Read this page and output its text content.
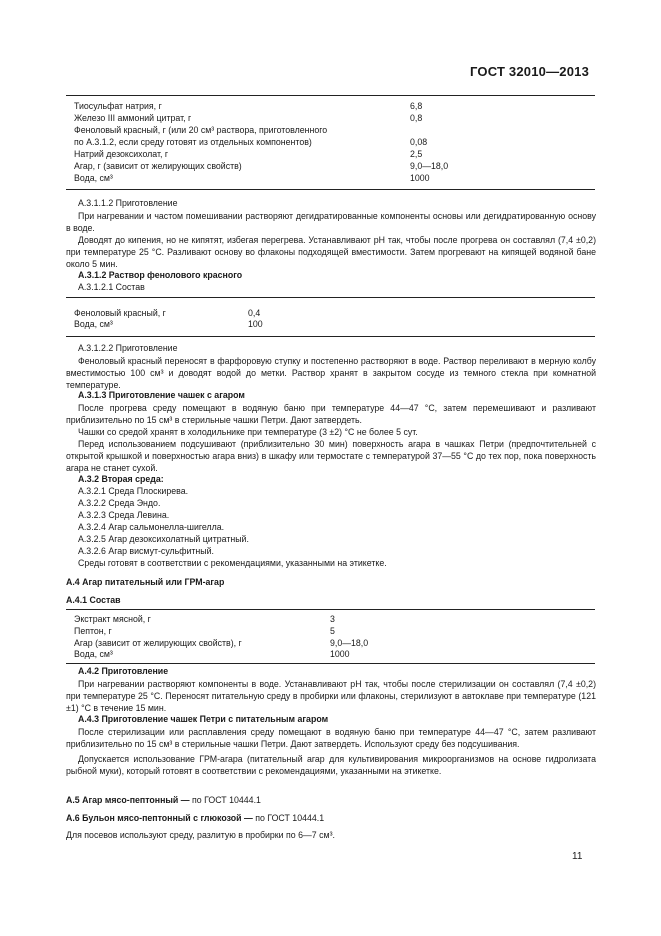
ГОСТ 32010—2013
Тиосульфат натрия, г	6,8
Железо III аммоний цитрат, г	0,8
Феноловый красный, г (или 20 см³ раствора, приготовленного
по А.3.1.2, если среду готовят из отдельных компонентов)	0,08
Натрий дезоксихолат, г	2,5
Агар, г (зависит от желирующих свойств)	9,0—18,0
Вода, см³	1000
А.3.1.1.2 Приготовление
При нагревании и частом помешивании растворяют дегидратированные компоненты основы или дегидратированную основу в воде.
Доводят до кипения, но не кипятят, избегая перегрева. Устанавливают рН так, чтобы после прогрева он составлял (7,4 ±0,2) при температуре 25 °С. Разливают основу во флаконы подходящей вместимости. Затем прогревают на кипящей водяной бане около 5 мин.
А.3.1.2 Раствор фенолового красного
А.3.1.2.1 Состав
Феноловый красный, г	0,4
Вода, см³	100
А.3.1.2.2 Приготовление
Феноловый красный переносят в фарфоровую ступку и постепенно растворяют в воде. Раствор переливают в мерную колбу вместимостью 100 см³ и доводят водой до метки. Раствор хранят в закрытом сосуде из темного стекла при комнатной температуре.
А.3.1.3 Приготовление чашек с агаром
После прогрева среду помещают в водяную баню при температуре 44—47 °С, затем перемешивают и разливают приблизительно по 15 см³ в стерильные чашки Петри. Дают затвердеть.
Чашки со средой хранят в холодильнике при температуре (3 ±2) °С не более 5 сут.
Перед использованием подсушивают (приблизительно 30 мин) поверхность агара в чашках Петри (предпочтительней с открытой крышкой и поверхностью агара вниз) в шкафу или термостате с температурой 37—55 °С до тех пор, пока поверхность агара не станет сухой.
А.3.2 Вторая среда:
А.3.2.1 Среда Плоскирева.
А.3.2.2 Среда Эндо.
А.3.2.3 Среда Левина.
А.3.2.4 Агар сальмонелла-шигелла.
А.3.2.5 Агар дезоксихолатный цитратный.
А.3.2.6 Агар висмут-сульфитный.
Среды готовят в соответствии с рекомендациями, указанными на этикетке.
А.4 Агар питательный или ГРМ-агар
А.4.1 Состав
Экстракт мясной, г	3
Пептон, г	5
Агар (зависит от желирующих свойств), г	9,0—18,0
Вода, см³	1000
А.4.2 Приготовление
При нагревании растворяют компоненты в воде. Устанавливают рН так, чтобы после стерилизации он составлял (7,4 ±0,2) при температуре 25 °С. Переносят питательную среду в пробирки или флаконы, стерилизуют в автоклаве при температуре (121 ±1) °С в течение 15 мин.
А.4.3 Приготовление чашек Петри с питательным агаром
После стерилизации или расплавления среду помещают в водяную баню при температуре 44—47 °С, затем разливают приблизительно по 15 см³ в стерильные чашки Петри. Дают затвердеть. Используют среду без подсушивания.
Допускается использование ГРМ-агара (питательный агар для культивирования микроорганизмов на основе гидролизата рыбной муки), который готовят в соответствии с рекомендациями, указанными на этикетке.
А.5 Агар мясо-пептонный — по ГОСТ 10444.1
А.6 Бульон мясо-пептонный с глюкозой — по ГОСТ 10444.1
Для посевов используют среду, разлитую в пробирки по 6—7 см³.
11
